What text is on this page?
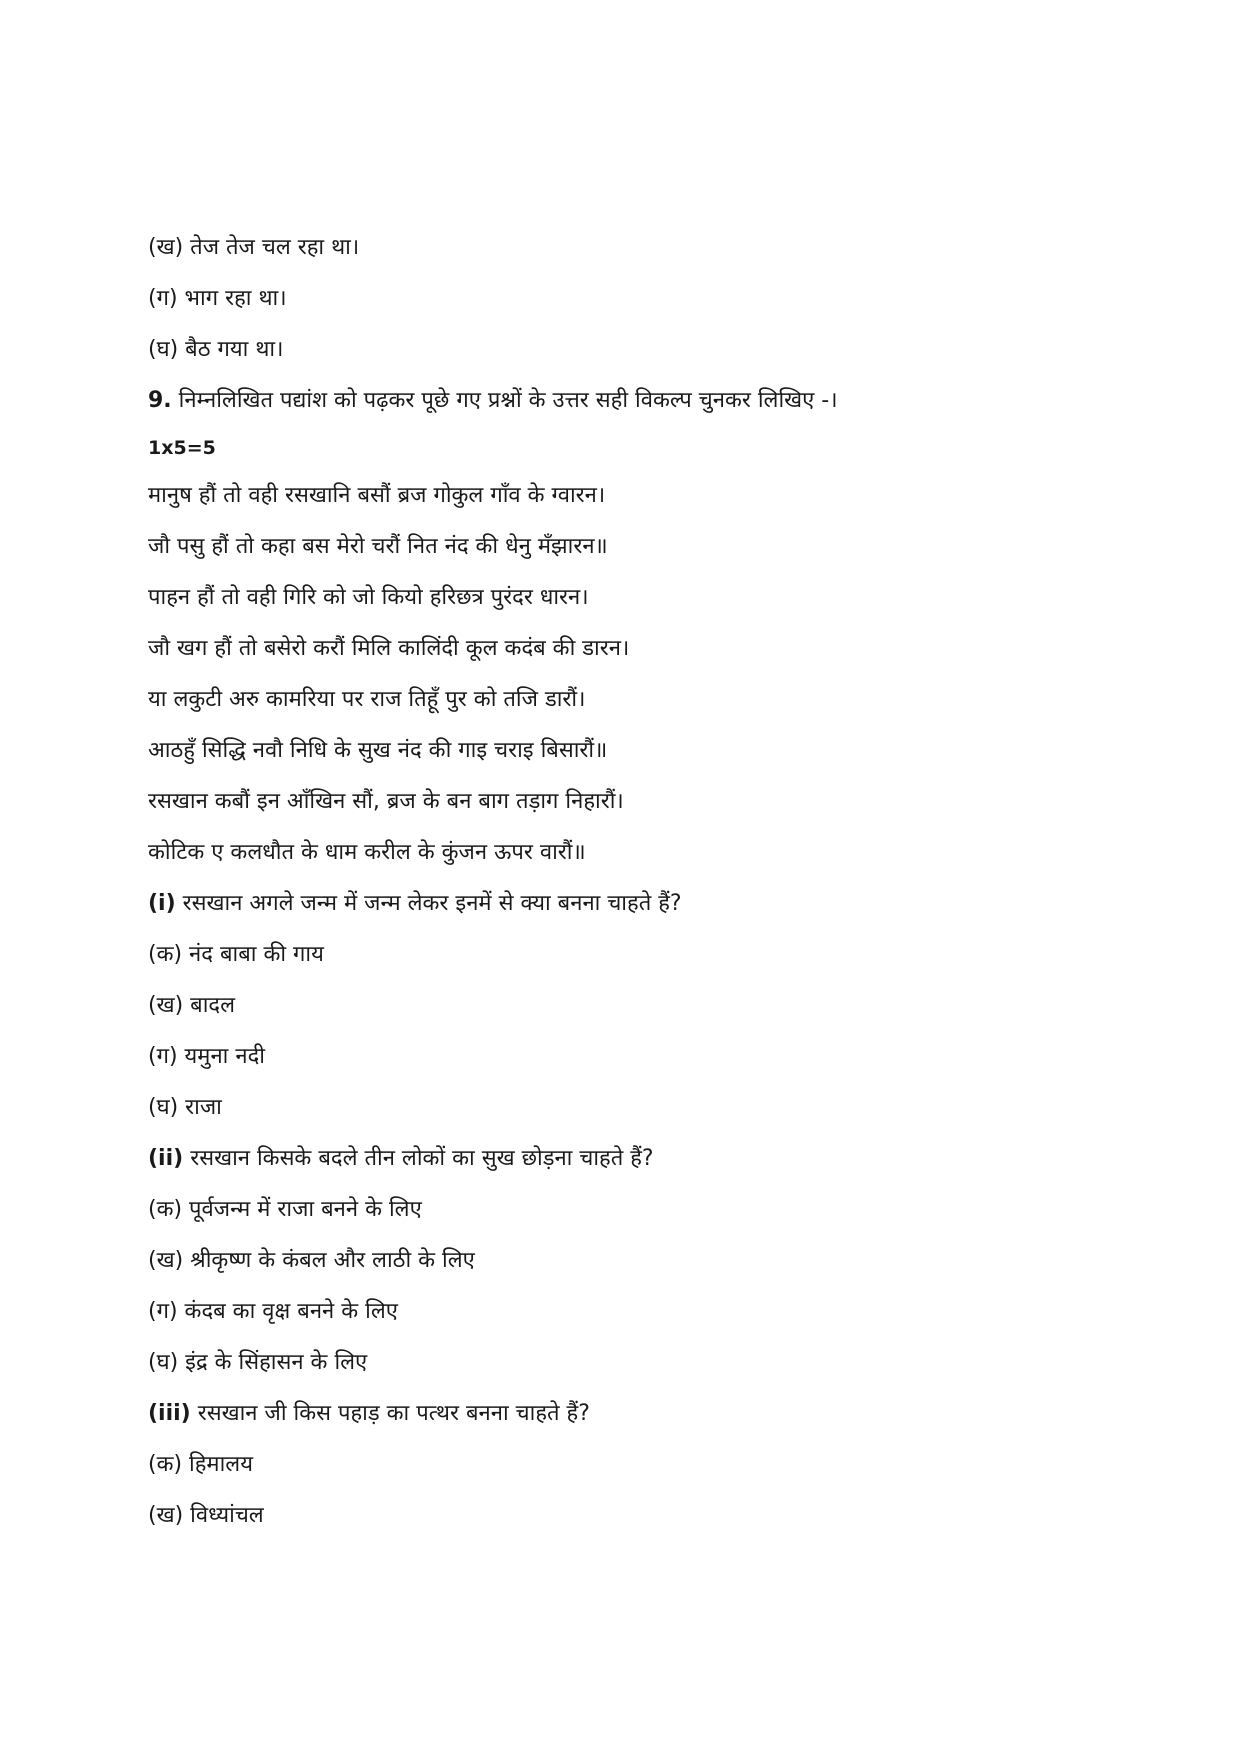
(ख) तेज तेज चल रहा था।
(ग) भाग रहा था।
(घ) बैठ गया था।
9. निम्नलिखित पद्यांश को पढ़कर पूछे गए प्रश्नों के उत्तर सही विकल्प चुनकर लिखिए -।
1x5=5
मानुष हौं तो वही रसखानि बसौं ब्रज गोकुल गाँव के ग्वारन।
जौ पसु हौं तो कहा बस मेरो चरौं नित नंद की धेनु मँझारन॥
पाहन हौं तो वही गिरि को जो कियो हरिछत्र पुरंदर धारन।
जौ खग हौं तो बसेरो करौं मिलि कालिंदी कूल कदंब की डारन।
या लकुटी अरु कामरिया पर राज तिहूँ पुर को तजि डारौं।
आठहुँ सिद्धि नवौ निधि के सुख नंद की गाइ चराइ बिसारौं॥
रसखान कबौं इन आँखिन सौं, ब्रज के बन बाग तड़ाग निहारौं।
कोटिक ए कलधौत के धाम करील के कुंजन ऊपर वारौं॥
(i) रसखान अगले जन्म में जन्म लेकर इनमें से क्या बनना चाहते हैं?
(क) नंद बाबा की गाय
(ख) बादल
(ग) यमुना नदी
(घ) राजा
(ii) रसखान किसके बदले तीन लोकों का सुख छोड़ना चाहते हैं?
(क) पूर्वजन्म में राजा बनने के लिए
(ख) श्रीकृष्ण के कंबल और लाठी के लिए
(ग) कंदब का वृक्ष बनने के लिए
(घ) इंद्र के सिंहासन के लिए
(iii) रसखान जी किस पहाड़ का पत्थर बनना चाहते हैं?
(क) हिमालय
(ख) विध्यांचल
